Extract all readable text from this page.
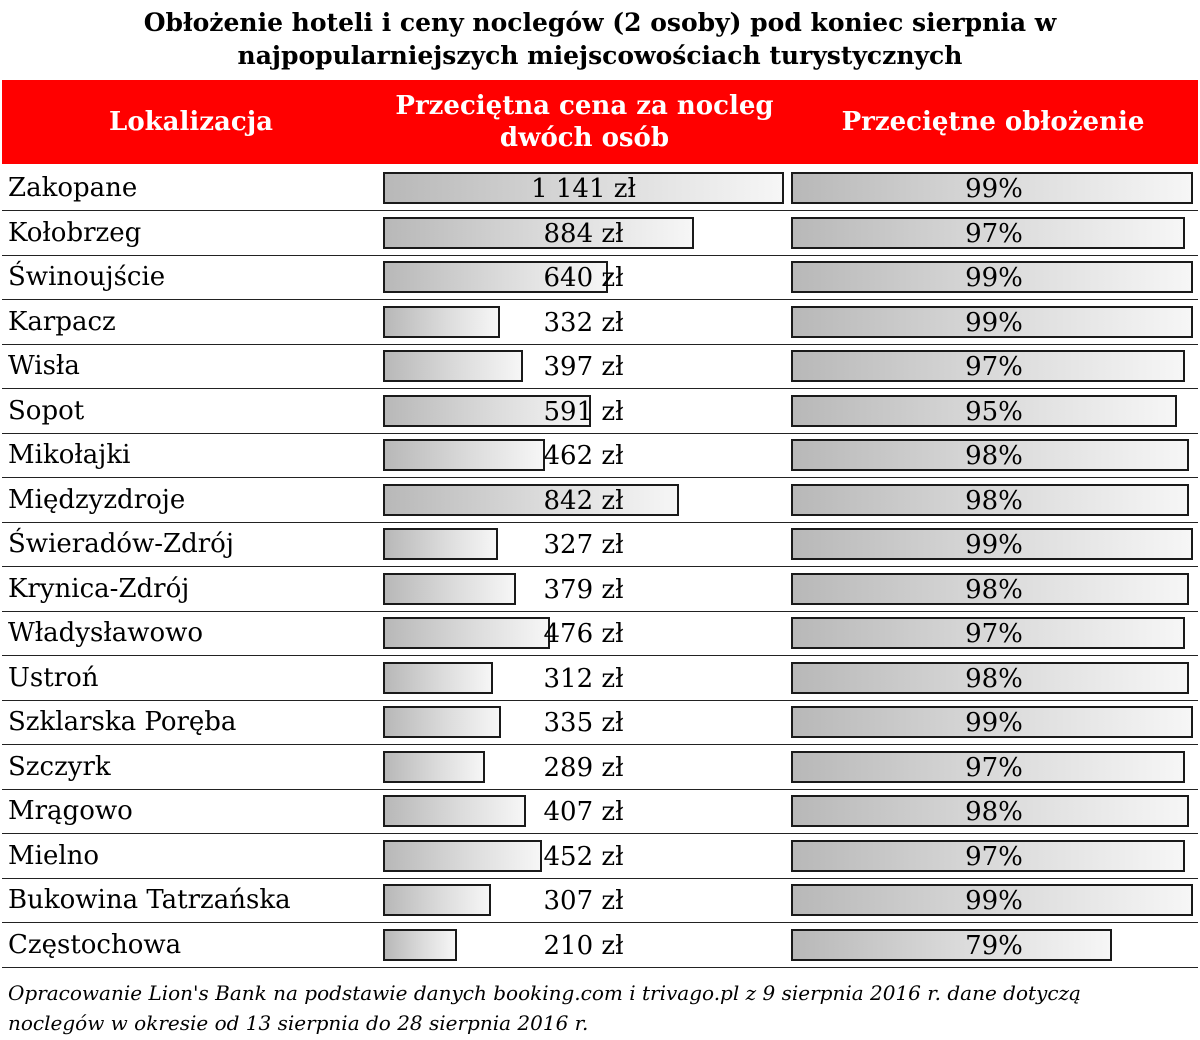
Obłożenie hoteli i ceny noclegów (2 osoby) pod koniec sierpnia w najpopularniejszych miejscowościach turystycznych
Lokalizacja
Przeciętna cena za nocleg dwóch osób
Przeciętne obłożenie
Zakopane	1 141 zł	99%
Kołobrzeg	884 zł	97%
Świnoujście	640 zł	99%
Karpacz	332 zł	99%
Wisła	397 zł	97%
Sopot	591 zł	95%
Mikołajki	462 zł	98%
Międzyzdroje	842 zł	98%
Świeradów-Zdrój	327 zł	99%
Krynica-Zdrój	379 zł	98%
Władysławowo	476 zł	97%
Ustroń	312 zł	98%
Szklarska Poręba	335 zł	99%
Szczyrk	289 zł	97%
Mrągowo	407 zł	98%
Mielno	452 zł	97%
Bukowina Tatrzańska	307 zł	99%
Częstochowa	210 zł	79%
Opracowanie Lion's Bank na podstawie danych booking.com i trivago.pl z 9 sierpnia 2016 r. dane dotyczą
noclegów w okresie od 13 sierpnia do 28 sierpnia 2016 r.
